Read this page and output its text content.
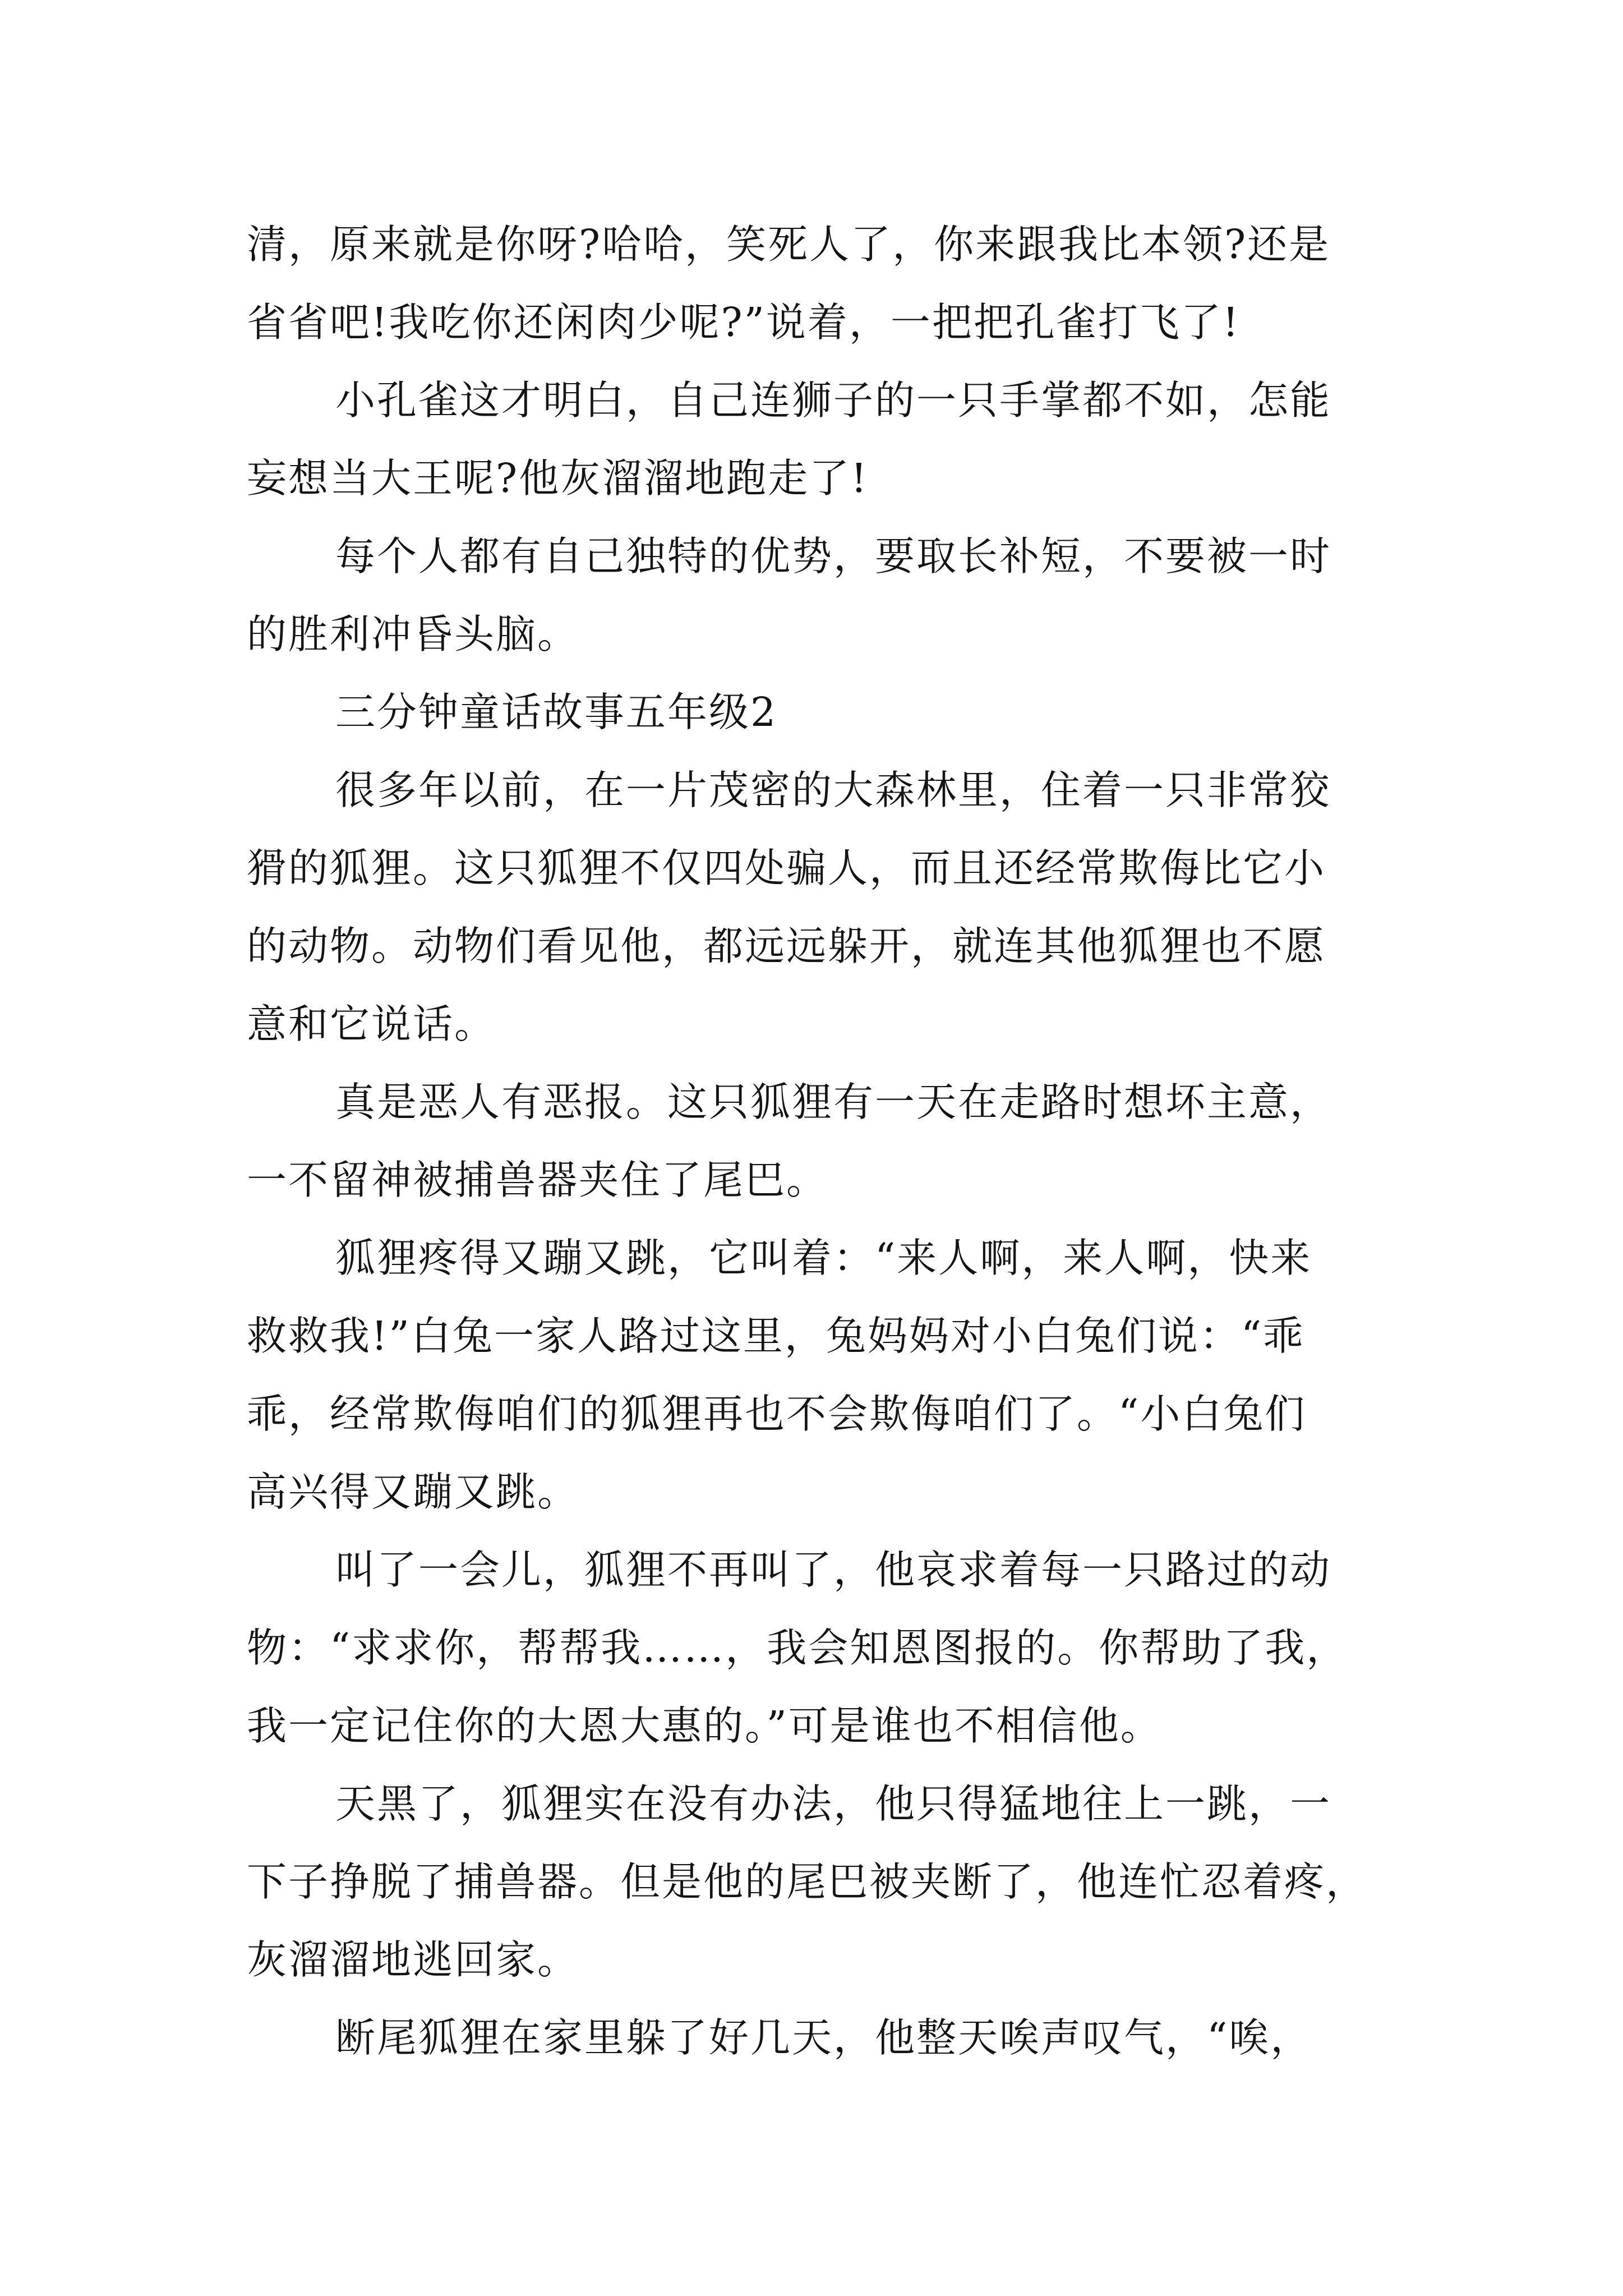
清，原来就是你呀?哈哈，笑死人了，你来跟我比本领?还是
省省吧!我吃你还闲肉少呢?”说着，一把把孔雀打飞了!
小孔雀这才明白，自己连狮子的一只手掌都不如，怎能
妄想当大王呢?他灰溜溜地跑走了!
每个人都有自己独特的优势，要取长补短，不要被一时
的胜利冲昏头脑。
三分钟童话故事五年级2
很多年以前，在一片茂密的大森林里，住着一只非常狡
猾的狐狸。这只狐狸不仅四处骗人，而且还经常欺侮比它小
的动物。动物们看见他，都远远躲开，就连其他狐狸也不愿
意和它说话。
真是恶人有恶报。这只狐狸有一天在走路时想坏主意，
一不留神被捕兽器夹住了尾巴。
狐狸疼得又蹦又跳，它叫着：“来人啊，来人啊，快来
救救我!”白兔一家人路过这里，兔妈妈对小白兔们说：“乖
乖，经常欺侮咱们的狐狸再也不会欺侮咱们了。“小白兔们
高兴得又蹦又跳。
叫了一会儿，狐狸不再叫了，他哀求着每一只路过的动
物：“求求你，帮帮我……，我会知恩图报的。你帮助了我，
我一定记住你的大恩大惠的。”可是谁也不相信他。
天黑了，狐狸实在没有办法，他只得猛地往上一跳，一
下子挣脱了捕兽器。但是他的尾巴被夹断了，他连忙忍着疼，
灰溜溜地逃回家。
断尾狐狸在家里躲了好几天，他整天唉声叹气，“唉，
